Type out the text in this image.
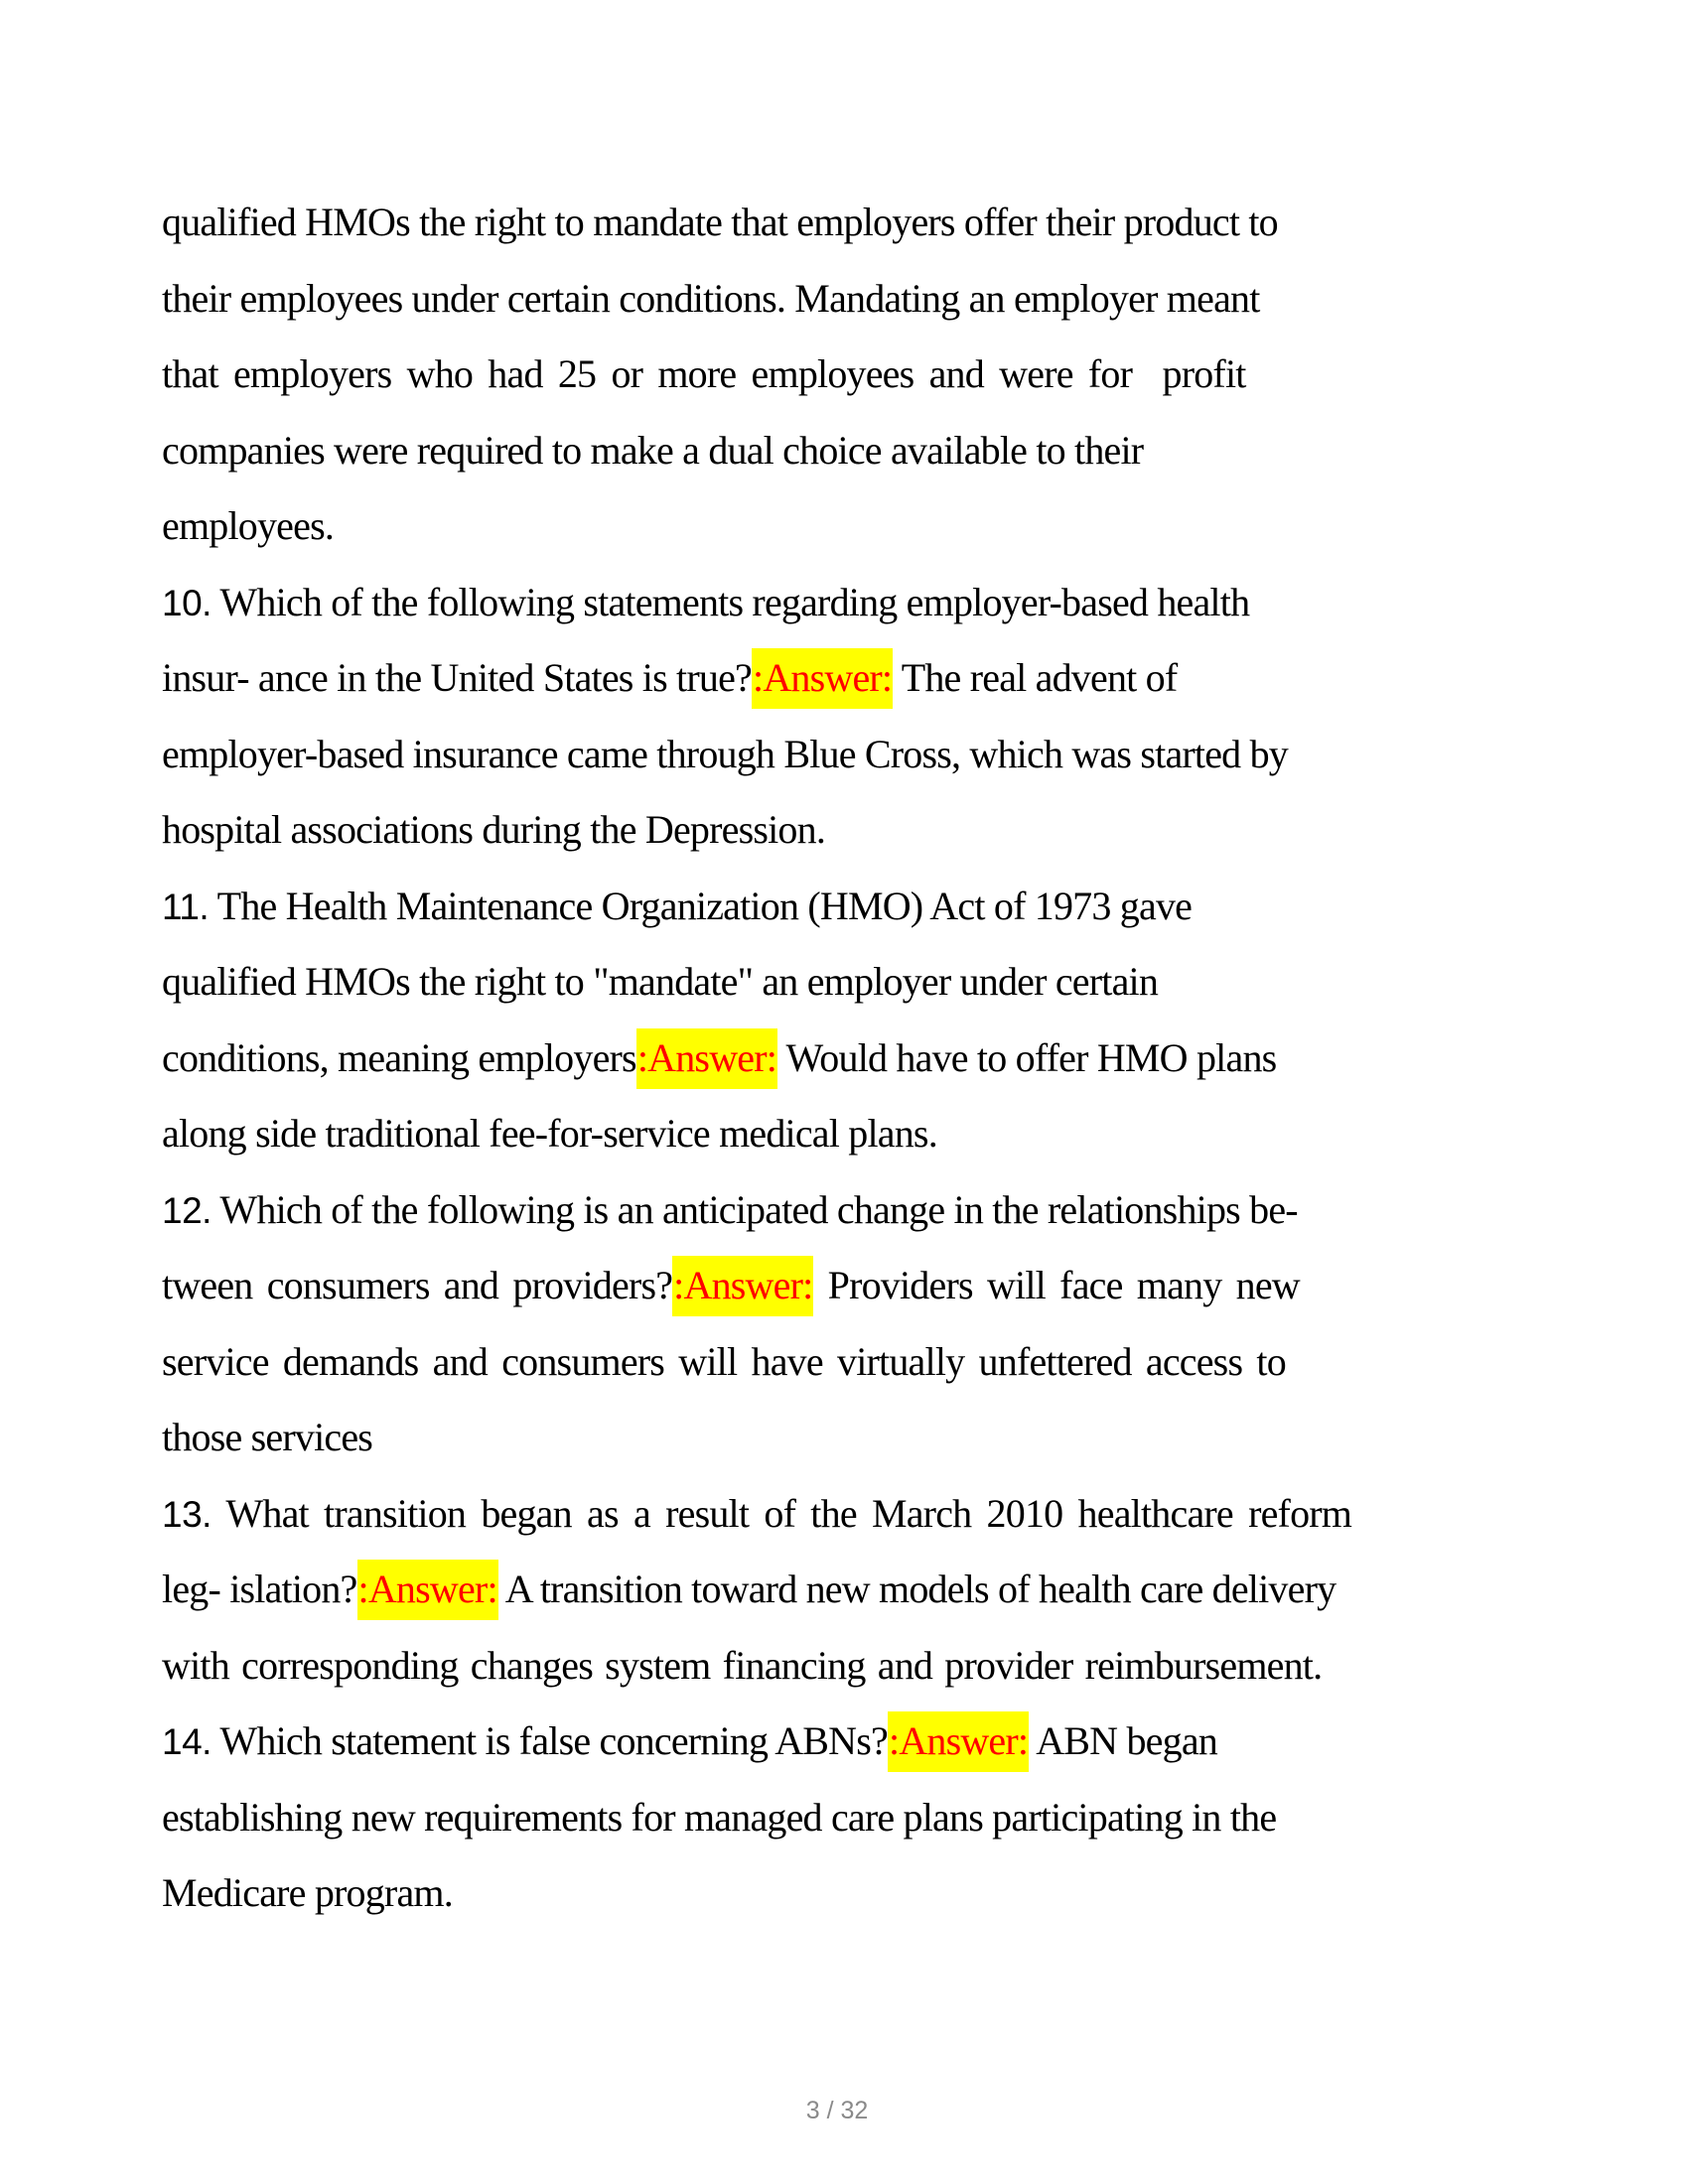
qualified HMOs the right to mandate that employers offer their product to
their employees under certain conditions. Mandating an employer meant
that employers who had 25 or more employees and were for  profit
companies were required to make a dual choice available to their
employees.
10. Which of the following statements regarding employer-based health
insur- ance in the United States is true?:Answer: The real advent of
employer-based insurance came through Blue Cross, which was started by
hospital associations during the Depression.
11. The Health Maintenance Organization (HMO) Act of 1973 gave
qualified HMOs the right to "mandate" an employer under certain
conditions, meaning employers:Answer: Would have to offer HMO plans
along side traditional fee-for-service medical plans.
12. Which of the following is an anticipated change in the relationships be-
tween consumers and providers?:Answer: Providers will face many new
service demands and consumers will have virtually unfettered access to
those services
13. What transition began as a result of the March 2010 healthcare reform
leg- islation?:Answer: A transition toward new models of health care delivery
with corresponding changes system financing and provider reimbursement.
14. Which statement is false concerning ABNs?:Answer: ABN began
establishing new requirements for managed care plans participating in the
Medicare program.
3 / 32
